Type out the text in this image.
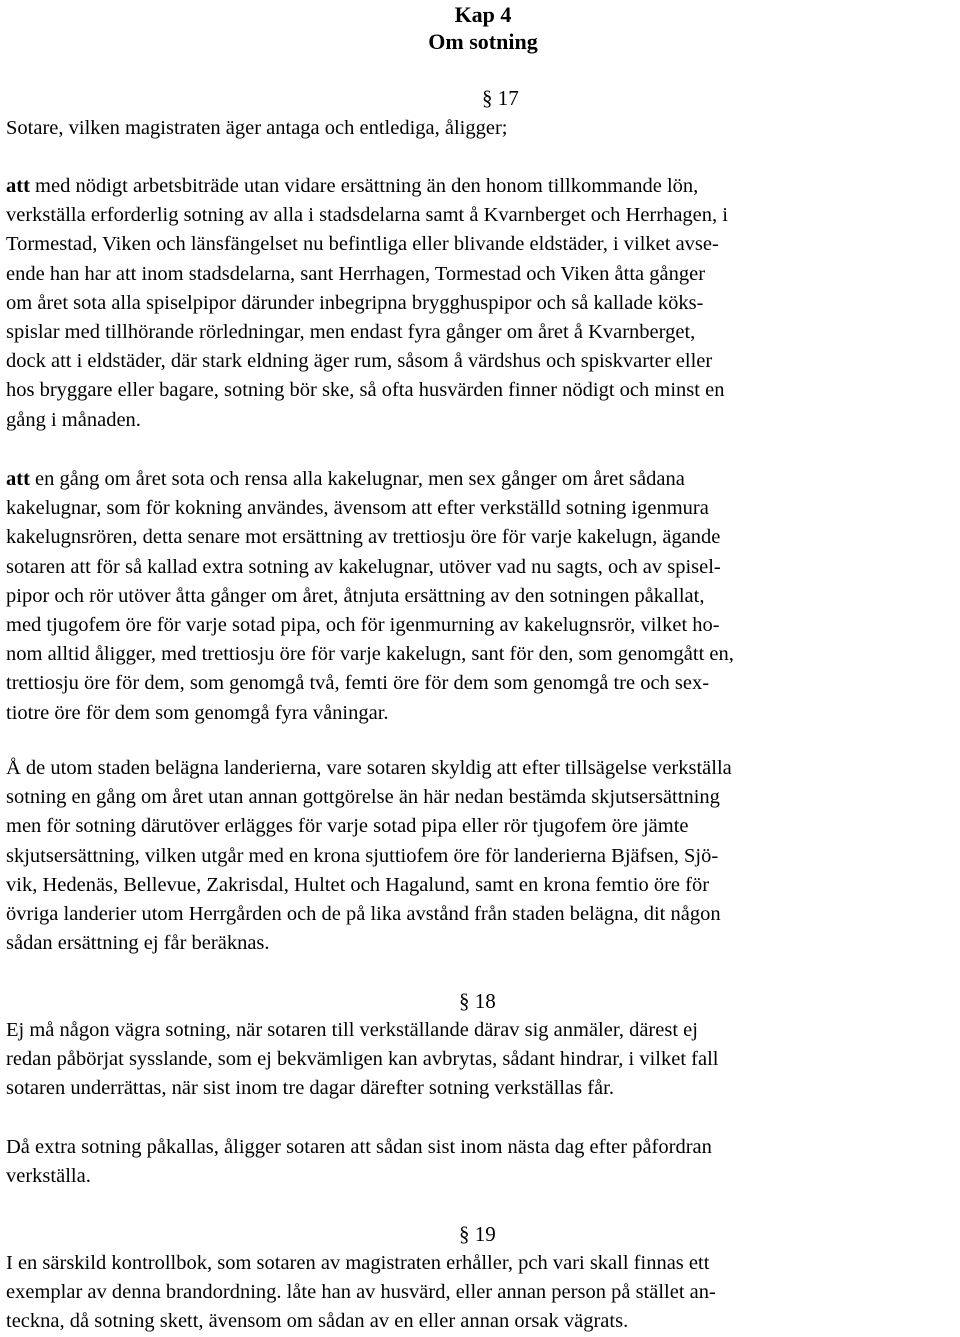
Kap 4
Om sotning
§ 17
Sotare, vilken magistraten äger antaga och entlediga, åligger;
att med nödigt arbetsbiträde utan vidare ersättning än den honom tillkommande lön,
verkställa erforderlig sotning av alla i stadsdelarna samt å Kvarnberget och Herrhagen, i
Tormestad, Viken och länsfängelset nu befintliga eller blivande eldstäder, i vilket avse-
ende han har att inom stadsdelarna, sant Herrhagen, Tormestad och Viken åtta gånger
om året sota alla spiselpipor därunder inbegripna brygghuspipor och så kallade köks-
spislar med tillhörande rörledningar, men endast fyra gånger om året å Kvarnberget,
dock att i eldstäder, där stark eldning äger rum, såsom å värdshus och spiskvarter eller
hos bryggare eller bagare, sotning bör ske, så ofta husvärden finner nödigt och minst en
gång i månaden.
att en gång om året sota och rensa alla kakelugnar, men sex gånger om året sådana
kakelugnar, som för kokning användes, ävensom att efter verkställd sotning igenmura
kakelugnsrören, detta senare mot ersättning av trettiosju öre för varje kakelugn, ägande
sotaren att för så kallad extra sotning av kakelugnar, utöver vad nu sagts, och av spisel-
pipor och rör utöver åtta gånger om året, åtnjuta ersättning av den sotningen påkallat,
med tjugofem öre för varje sotad pipa, och för igenmurning av kakelugnsrör, vilket ho-
nom alltid åligger, med trettiosju öre för varje kakelugn, sant för den, som genomgått en,
trettiosju öre för dem, som genomgå två, femti öre för dem som genomgå tre och sex-
tiotre öre för dem som genomgå fyra våningar.
Å de utom staden belägna landerierna, vare sotaren skyldig att efter tillsägelse verkställa
sotning en gång om året utan annan gottgörelse än här nedan bestämda skjutsersättning
men för sotning därutöver erlägges för varje sotad pipa eller rör tjugofem öre jämte
skjutsersättning, vilken utgår med en krona sjuttiofem öre för landerierna Bjäfsen, Sjö-
vik, Hedenäs, Bellevue, Zakrisdal, Hultet och Hagalund, samt en krona femtio öre för
övriga landerier utom Herrgården och de på lika avstånd från staden belägna, dit någon
sådan ersättning ej får beräknas.
§ 18
Ej må någon vägra sotning, när sotaren till verkställande därav sig anmäler, därest ej
redan påbörjat sysslande, som ej bekvämligen kan avbrytas, sådant hindrar, i vilket fall
sotaren underrättas, när sist inom tre dagar därefter sotning verkställas får.
Då extra sotning påkallas, åligger sotaren att sådan sist inom nästa dag efter påfordran
verkställa.
§ 19
I en särskild kontrollbok, som sotaren av magistraten erhåller, pch vari skall finnas ett
exemplar av denna brandordning. låte han av husvärd, eller annan person på stället an-
teckna, då sotning skett, ävensom om sådan av en eller annan orsak vägrats.
